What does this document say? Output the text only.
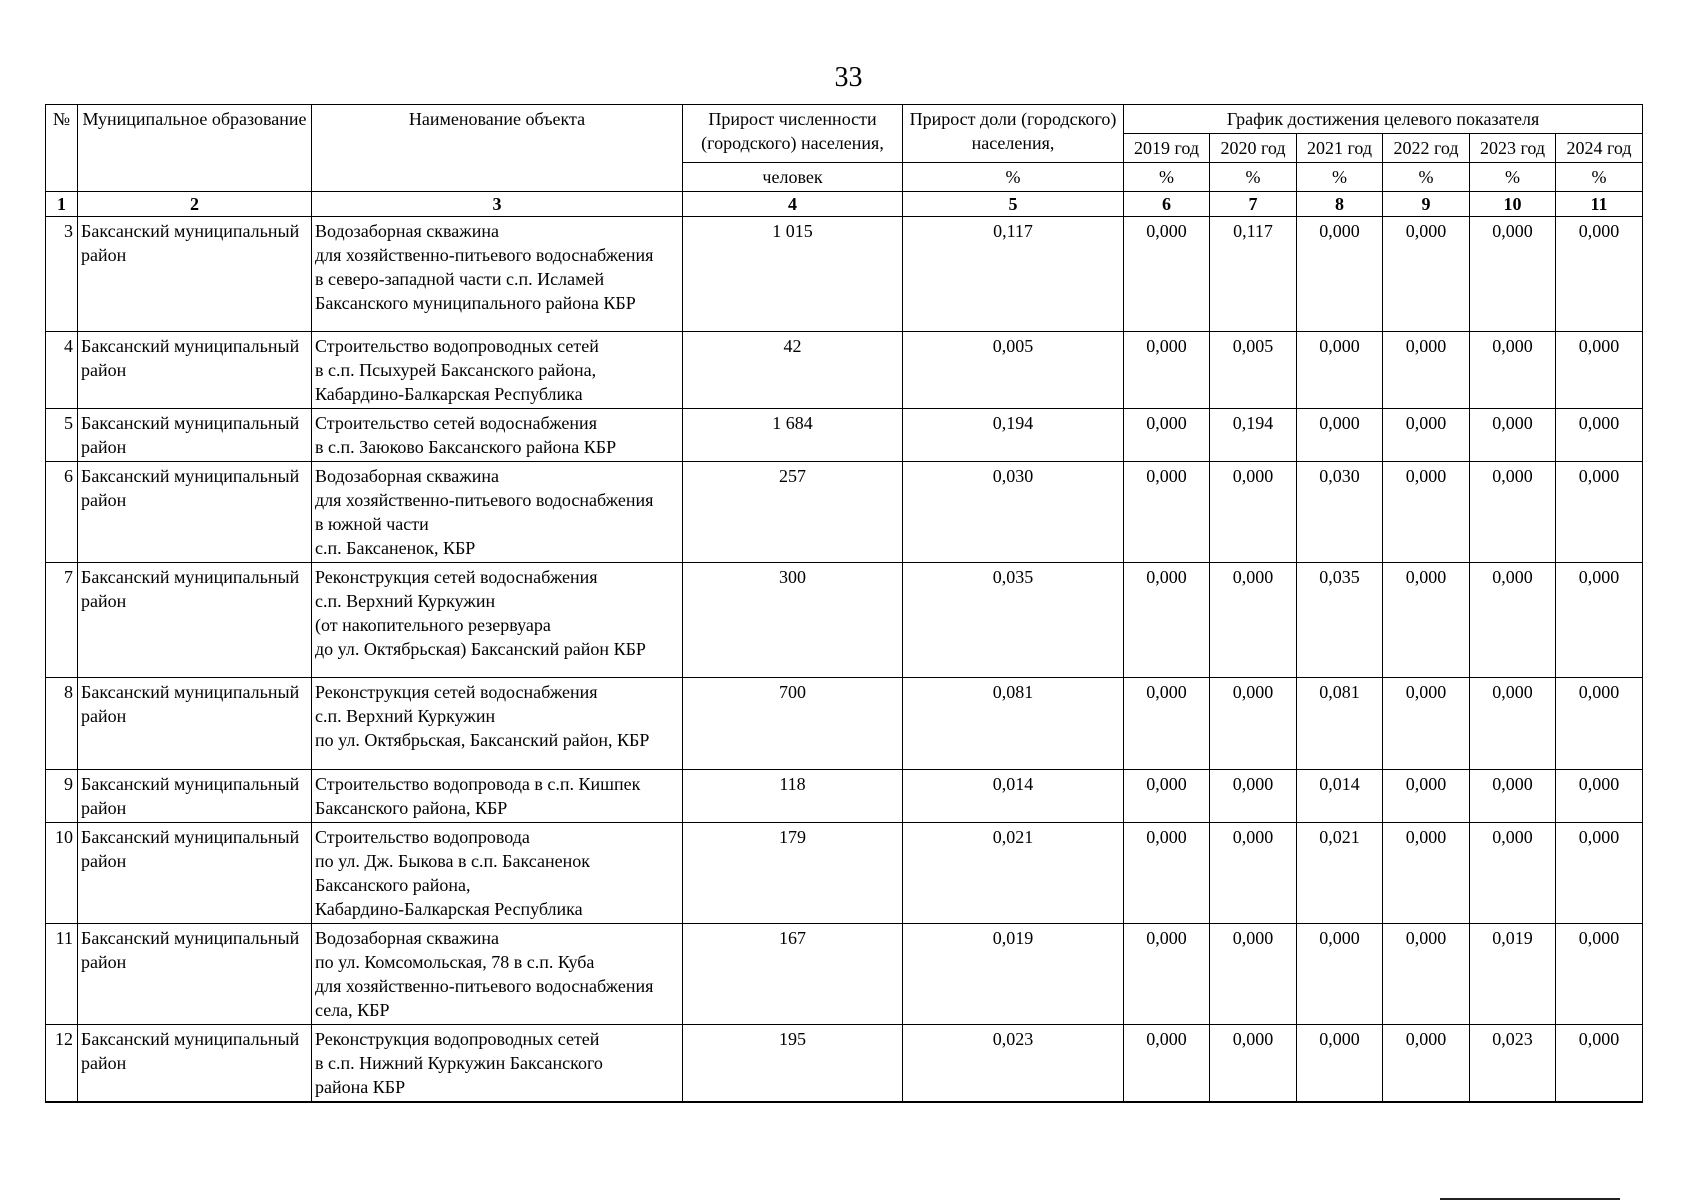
33
№	Муниципальное образование	Наименование объекта	Прирост численности (городского) населения,	Прирост доли (городского) населения,	График достижения целевого показателя					
					2019 год	2020 год	2021 год	2022 год	2023 год	2024 год
			человек	%	%	%	%	%	%	%
1	2	3	4	5	6	7	8	9	10	11
3	Баксанский муниципальный район	Водозаборная скважина
для хозяйственно-питьевого водоснабжения
в северо-западной части с.п. Исламей
Баксанского муниципального района КБР	1 015	0,117	0,000	0,117	0,000	0,000	0,000	0,000
4	Баксанский муниципальный район	Строительство водопроводных сетей
в с.п. Псыхурей Баксанского района,
Кабардино-Балкарская Республика	42	0,005	0,000	0,005	0,000	0,000	0,000	0,000
5	Баксанский муниципальный район	Строительство сетей водоснабжения
в с.п. Заюково Баксанского района КБР	1 684	0,194	0,000	0,194	0,000	0,000	0,000	0,000
6	Баксанский муниципальный район	Водозаборная скважина
для хозяйственно-питьевого водоснабжения
в южной части
с.п. Баксаненок, КБР	257	0,030	0,000	0,000	0,030	0,000	0,000	0,000
7	Баксанский муниципальный район	Реконструкция сетей водоснабжения
с.п. Верхний Куркужин
(от накопительного резервуара
до ул. Октябрьская) Баксанский район КБР	300	0,035	0,000	0,000	0,035	0,000	0,000	0,000
8	Баксанский муниципальный район	Реконструкция сетей водоснабжения
с.п. Верхний Куркужин
по ул. Октябрьская, Баксанский район, КБР	700	0,081	0,000	0,000	0,081	0,000	0,000	0,000
9	Баксанский муниципальный район	Строительство водопровода в с.п. Кишпек
Баксанского района, КБР	118	0,014	0,000	0,000	0,014	0,000	0,000	0,000
10	Баксанский муниципальный район	Строительство водопровода
по ул. Дж. Быкова в с.п. Баксаненок
Баксанского района,
Кабардино-Балкарская Республика	179	0,021	0,000	0,000	0,021	0,000	0,000	0,000
11	Баксанский муниципальный район	Водозаборная скважина
по ул. Комсомольская, 78 в с.п. Куба
для хозяйственно-питьевого водоснабжения
села, КБР	167	0,019	0,000	0,000	0,000	0,000	0,019	0,000
12	Баксанский муниципальный район	Реконструкция водопроводных сетей
в с.п. Нижний Куркужин Баксанского
района КБР	195	0,023	0,000	0,000	0,000	0,000	0,023	0,000
